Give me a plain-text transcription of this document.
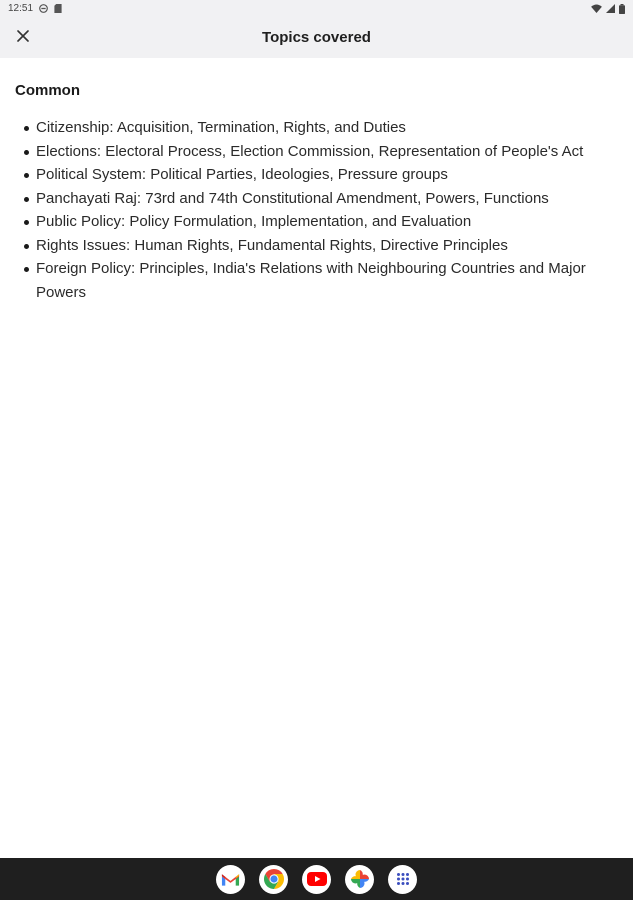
12:51
Topics covered
Common
Citizenship: Acquisition, Termination, Rights, and Duties
Elections: Electoral Process, Election Commission, Representation of People's Act
Political System: Political Parties, Ideologies, Pressure groups
Panchayati Raj: 73rd and 74th Constitutional Amendment, Powers, Functions
Public Policy: Policy Formulation, Implementation, and Evaluation
Rights Issues: Human Rights, Fundamental Rights, Directive Principles
Foreign Policy: Principles, India's Relations with Neighbouring Countries and Major Powers
